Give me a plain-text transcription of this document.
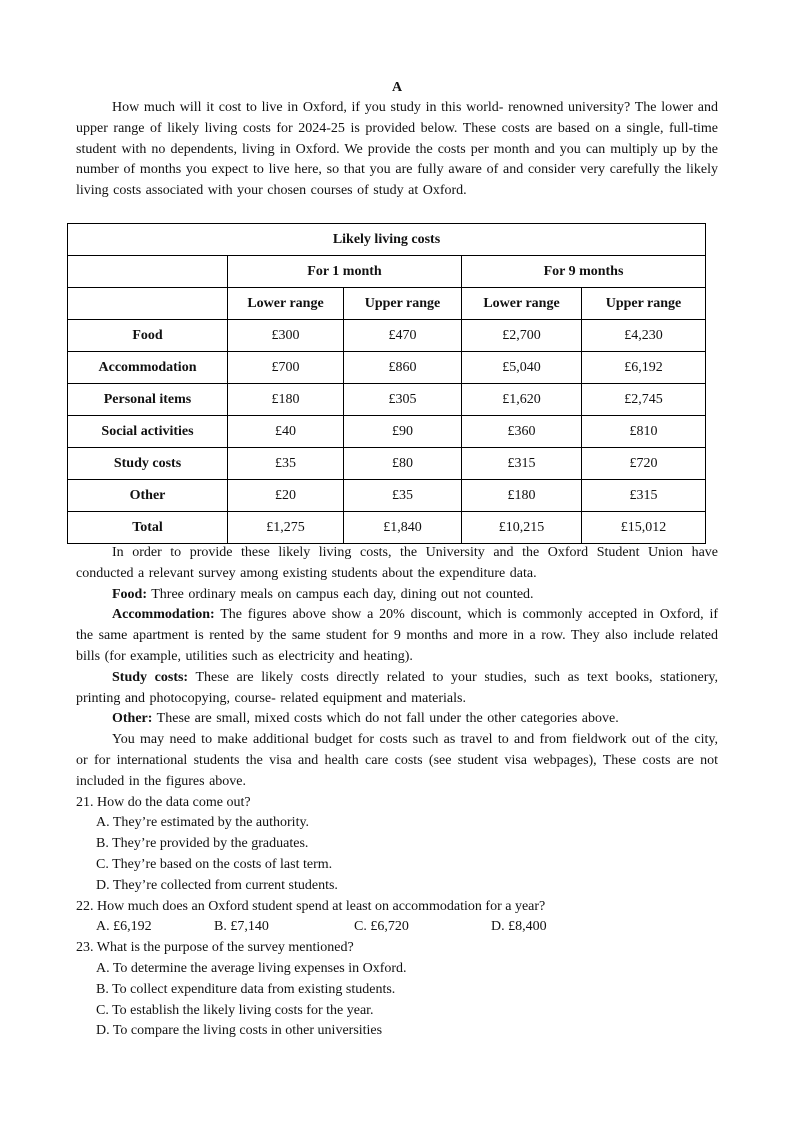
A

How much will it cost to live in Oxford, if you study in this world- renowned university? The lower and upper range of likely living costs for 2024-25 is provided below. These costs are based on a single, full-time student with no dependents, living in Oxford. We provide the costs per month and you can multiply up by the number of months you expect to live here, so that you are fully aware of and consider very carefully the likely living costs associated with your chosen courses of study at Oxford.

Likely living costs				
	For 1 month		For 9 months	
	Lower range	Upper range	Lower range	Upper range
Food	£300	£470	£2,700	£4,230
Accommodation	£700	£860	£5,040	£6,192
Personal items	£180	£305	£1,620	£2,745
Social activities	£40	£90	£360	£810
Study costs	£35	£80	£315	£720
Other	£20	£35	£180	£315
Total	£1,275	£1,840	£10,215	£15,012

In order to provide these likely living costs, the University and the Oxford Student Union have conducted a relevant survey among existing students about the expenditure data.

Food: Three ordinary meals on campus each day, dining out not counted.

Accommodation: The figures above show a 20% discount, which is commonly accepted in Oxford, if the same apartment is rented by the same student for 9 months and more in a row. They also include related bills (for example, utilities such as electricity and heating).

Study costs: These are likely costs directly related to your studies, such as text books, stationery, printing and photocopying, course- related equipment and materials.

Other: These are small, mixed costs which do not fall under the other categories above.

You may need to make additional budget for costs such as travel to and from fieldwork out of the city, or for international students the visa and health care costs (see student visa webpages), These costs are not included in the figures above.

21. How do the data come out?

A. They’re estimated by the authority.

B. They’re provided by the graduates.

C. They’re based on the costs of last term.

D. They’re collected from current students.

22. How much does an Oxford student spend at least on accommodation for a year?

A. £6,192	B. £7,140	C. £6,720	D. £8,400

23. What is the purpose of the survey mentioned?

A. To determine the average living expenses in Oxford.

B. To collect expenditure data from existing students.

C. To establish the likely living costs for the year.

D. To compare the living costs in other universities
